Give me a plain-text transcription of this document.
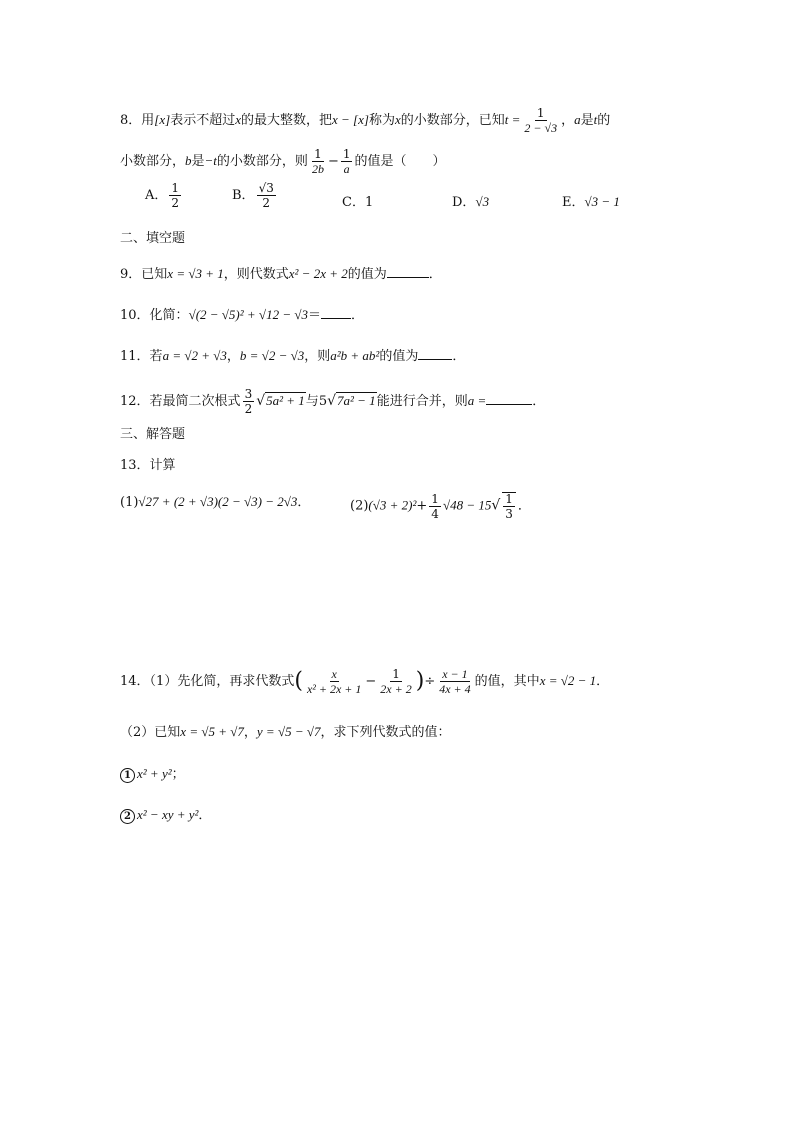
8．用[x]表示不超过x的最大整数，把x − [x]称为x的小数部分，已知$t = \frac{1}{2 - √3}$ ，a是t的
小数部分，b是−t的小数部分，则 $\frac{1}{2b} - \frac{1}{a}$ 的值是（　　）
A． $\frac{1}{2}$	B． $\frac{√3}{2}$	C．1	D．√3	E．√3 − 1
二、填空题
9．已知x = √3 + 1，则代数式x² − 2x + 2的值为	．
10．化简：√(2 − √5)² + √12 − √3＝ ．
11．若a = √2 + √3，b = √2 − √3，则a²b + ab²的值为	．
12．若最简二次根式 $\frac{3}{2} √5a^2 + 1$与5√7a² − 1能进行合并，则a =	．
三、解答题
13．计算
(1)√27 + (2 + √3)(2 − √3) − 2√3．	$(2)(√3 + 2)^2+ \frac{1}{4} √48 - 15√ \frac{1}{3}$ ．
14．（1）先化简，再求代数式( $\frac{x}{\text{x² + 2x + 1}} - \frac{1}{2x + 2}$ )÷ $\frac{x - 1}{4x + 4}$ 的值，其中x = √2 − 1．
（2）已知x = √5 + √7，y = √5 − √7，求下列代数式的值：
1 x² + y²；
2 x² − xy + y²．
